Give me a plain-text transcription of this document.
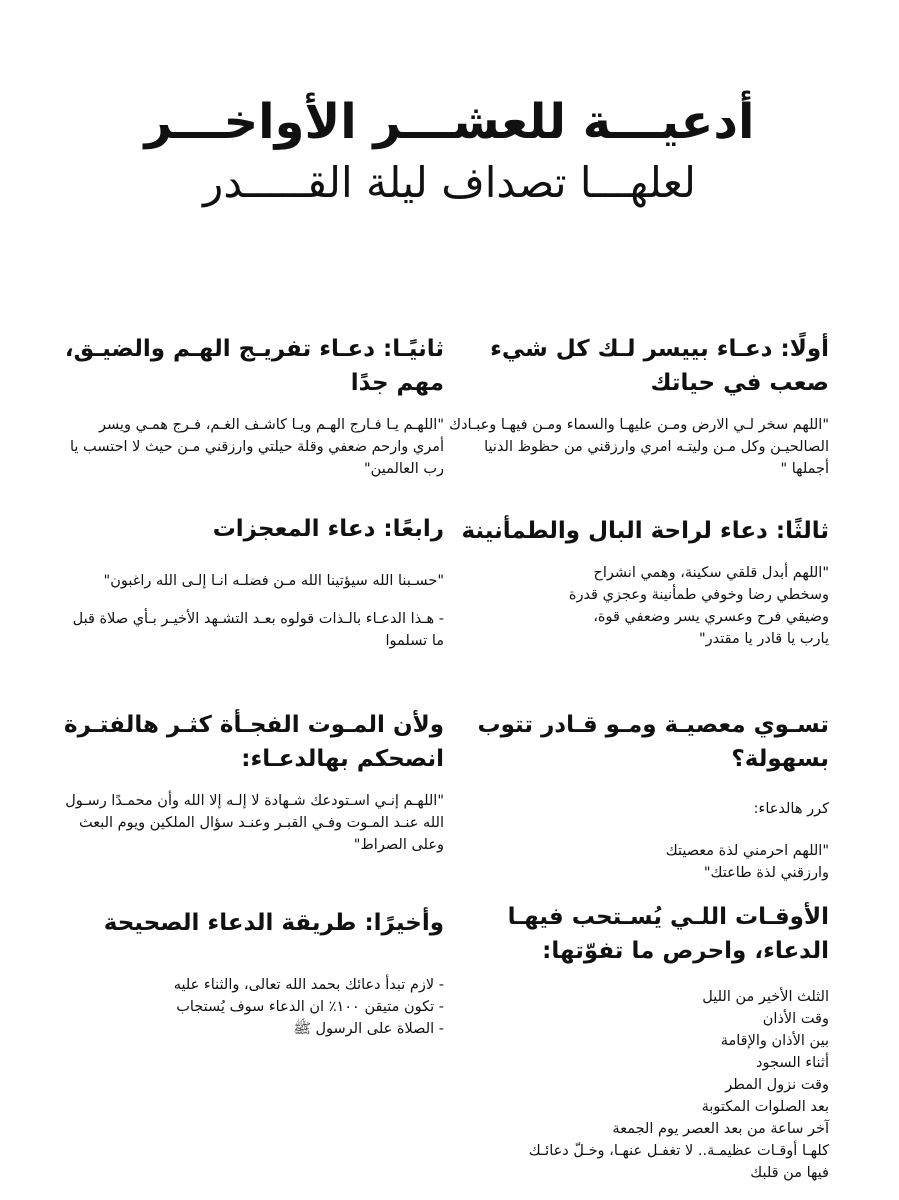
أدعيـــة للعشـــر الأواخـــر
لعلهـــا تصداف ليلة القـــــدر
أولًا: دعـاء بييسر لـك كل شيء صعب في حياتك

"اللهم سخر لـي الارض ومـن عليهـا والسماء ومـن فيهـا وعبـادك الصالحيـن وكل مـن وليتـه امري وارزقني من حظوظ الدنيا أجملها "

ثالثًا: دعاء لراحة البال والطمأنينة
"اللهم أبدل قلقي سكينة، وهمي انشراح
وسخطي رضا وخوفي طمأنينة وعجزي قدرة
وضيقي فرح وعسري يسر وضعفي قوة،
يارب يا قادر يا مقتدر"
تسـوي معصيـة ومـو قـادر تتوب بسهولة؟

كرر هالدعاء:

"اللهم احرمني لذة معصيتك
وارزقني لذة طاعتك"
الأوقـات اللـي يُسـتحب فيهـا الدعاء، واحرص ما تفوّتها:
الثلث الأخير من الليل
وقت الأذان
بين الأذان والإقامة
أثناء السجود
وقت نزول المطر
بعد الصلوات المكتوبة
آخر ساعة من بعد العصر يوم الجمعة
كلهـا أوقـات عظيمـة.. لا تغفـل عنهـا، وخـلّ دعائـك
فيها من قلبك
ثانيًـا: دعـاء تفريـج الهـم والضيـق، مهم جدًا

"اللهـم يـا فـارج الهـم ويـا كاشـف الغـم، فـرج همـي ويسر أمري وارحم ضعفي وقلة حيلتي وارزقني مـن حيث لا احتسب يا رب العالمين"

رابعًا: دعاء المعجزات

"حسـبنا الله سيؤتينا الله مـن فضلـه انـا إلـى الله راغبون"

- هـذا الدعـاء بالـذات قولوه بعـد التشـهد الأخيـر بـأي صلاة قبل ما تسلموا

ولأن المـوت الفجـأة كثـر هالفتـرة انصحكم بهالدعـاء:

"اللهـم إنـي اسـتودعك شـهادة لا إلـه إلا الله وأن محمـدًا رسـول الله عنـد المـوت وفـي القبـر وعنـد سؤال الملكين ويوم البعث وعلى الصراط"

وأخيرًا: طريقة الدعاء الصحيحة
- لازم تبدأ دعائك بحمد الله تعالى، والثناء عليه
- تكون متيقن ١٠٠٪ ان الدعاء سوف يُستجاب
- الصلاة على الرسول ﷺ
